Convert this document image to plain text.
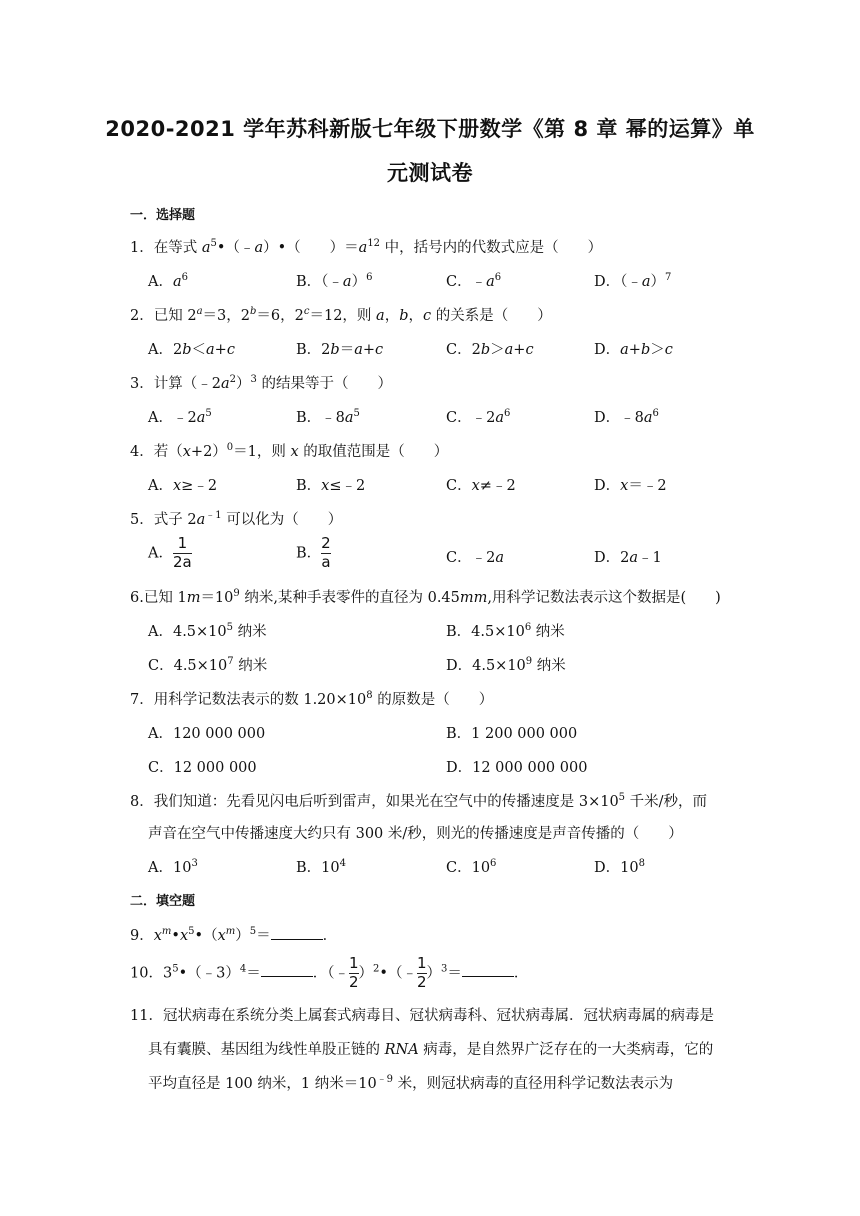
2020-2021 学年苏科新版七年级下册数学《第 8 章 幂的运算》单
元测试卷
一．选择题
1．在等式 $a^5•(﹣a)•$（　　）$=a^{12}$ 中，括号内的代数式应是（　　）
A．$a^6$	B．（﹣a）$^6$	C．$﹣a^6$	D．（﹣a）$^7$
2．已知 $2^a=3$，$2^b=6$，$2^c=12$，则 a，b，c 的关系是（　　）
A．2b＜a+c	B．2b＝a+c	C．2b＞a+c	D．a+b＞c
3．计算$(﹣2a^2)^3$ 的结果等于（　　）
A．$﹣2a^5$	B．$﹣8a^5$	C．$﹣2a^6$	D．$﹣8a^6$
4．若$(x+2)^0=1$，则 x 的取值范围是（　　）
A．x≥﹣2	B．x≤﹣2	C．x≠﹣2	D．x＝﹣2
5．式子 $2a^{﹣1}$ 可以化为（　　）
A． $\frac{1}{2a}$	B． $\frac{2}{a}$	C．﹣2a	D．2a﹣1
6.已知 $1m=10^9$ 纳米,某种手表零件的直径为 0.45mm,用科学记数法表示这个数据是(　　)
A．$4.5\times 10^5$ 纳米	B．$4.5\times 10^6$ 纳米
C．$4.5\times 10^7$ 纳米	D．$4.5\times 10^9$ 纳米
7．用科学记数法表示的数 $1.20\times 10^8$ 的原数是（　　）
A．120 000 000	B．1 200 000 000
C．12 000 000	D．12 000 000 000
8．我们知道：先看见闪电后听到雷声，如果光在空气中的传播速度是 $3\times 10^5$ 千米/秒，而
声音在空气中传播速度大约只有 300 米/秒，则光的传播速度是声音传播的（　　）
A．$10^3$	B．$10^4$	C．$10^6$	D．$10^8$
二．填空题
9．$x^m•x^5•(x^m)^5=$	．
10．$3^5•(﹣3)^4=$	．（﹣ $\frac{1}{2}$ ）$^2$•（﹣ $\frac{1}{2} )^3=$	．
11．冠状病毒在系统分类上属套式病毒目、冠状病毒科、冠状病毒属．冠状病毒属的病毒是
具有囊膜、基因组为线性单股正链的 RNA 病毒，是自然界广泛存在的一大类病毒，它的
平均直径是 100 纳米，1 纳米$=10^{﹣9}$ 米，则冠状病毒的直径用科学记数法表示为
